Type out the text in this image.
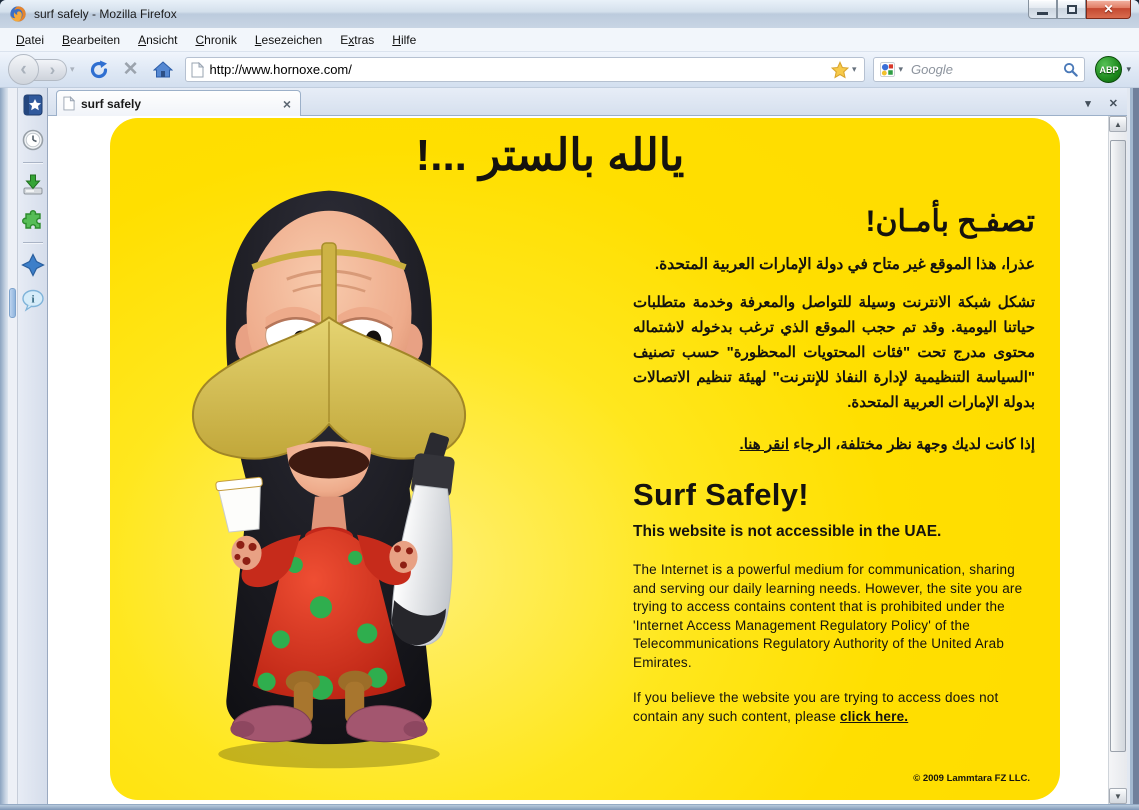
surf safely - Mozilla Firefox	✕
Datei	Bearbeiten	Ansicht	Chronik	Lesezeichen	Extras	Hilfe
‹ › ▾	✕
http://www.hornoxe.com/	▾	▾
Google	ABP ▾
i
surf safely	×	▾	✕
يالله بالستر ...!
تصفـح بأمـان!
عذرا، هذا الموقع غير متاح في دولة الإمارات العربية المتحدة.
تشكل شبكة الانترنت وسيلة للتواصل والمعرفة وخدمة متطلبات حياتنا اليومية. وقد تم حجب الموقع الذي ترغب بدخوله لاشتماله محتوى مدرج تحت "فئات المحتويات المحظورة" حسب تصنيف "السياسة التنظيمية لإدارة النفاذ للإنترنت" لهيئة تنظيم الاتصالات بدولة الإمارات العربية المتحدة.
إذا كانت لديك وجهة نظر مختلفة، الرجاء انقر هنا.
Surf Safely!
This website is not accessible in the UAE.
The Internet is a powerful medium for communication, sharing and serving our daily learning needs. However, the site you are trying to access contains content that is prohibited under the 'Internet Access Management Regulatory Policy' of the Telecommunications Regulatory Authority of the United Arab Emirates.
If you believe the website you are trying to access does not contain any such content, please click here.
© 2009 Lammtara FZ LLC.
▲
▼
